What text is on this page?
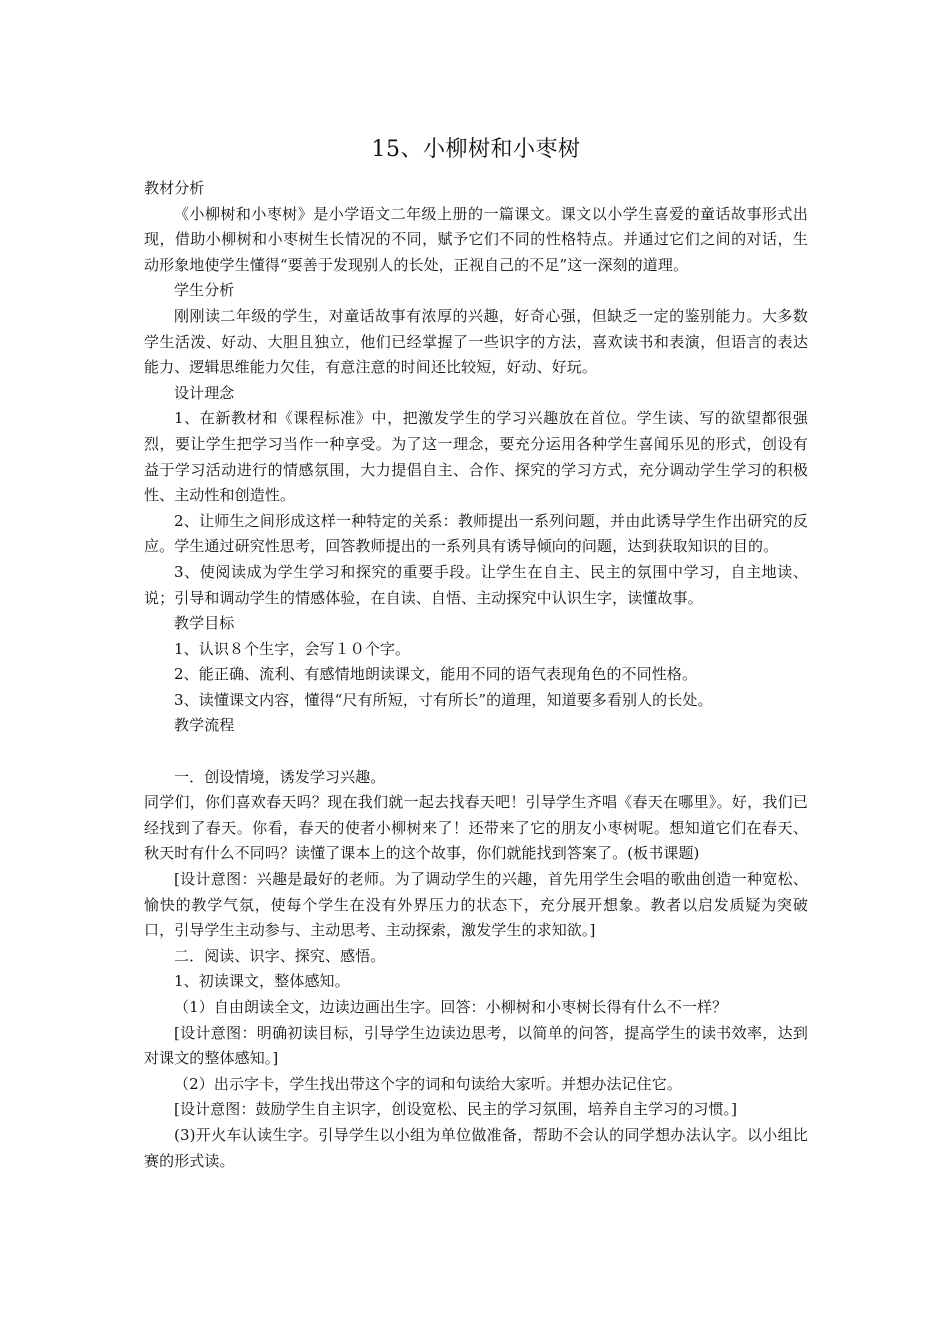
15、小柳树和小枣树

教材分析

《小柳树和小枣树》是小学语文二年级上册的一篇课文。课文以小学生喜爱的童话故事形式出现，借助小柳树和小枣树生长情况的不同，赋予它们不同的性格特点。并通过它们之间的对话，生动形象地使学生懂得“要善于发现别人的长处，正视自己的不足”这一深刻的道理。

学生分析

刚刚读二年级的学生，对童话故事有浓厚的兴趣，好奇心强，但缺乏一定的鉴别能力。大多数学生活泼、好动、大胆且独立，他们已经掌握了一些识字的方法，喜欢读书和表演，但语言的表达能力、逻辑思维能力欠佳，有意注意的时间还比较短，好动、好玩。

设计理念

1、在新教材和《课程标准》中，把激发学生的学习兴趣放在首位。学生读、写的欲望都很强烈，要让学生把学习当作一种享受。为了这一理念，要充分运用各种学生喜闻乐见的形式，创设有益于学习活动进行的情感氛围，大力提倡自主、合作、探究的学习方式，充分调动学生学习的积极性、主动性和创造性。

2、让师生之间形成这样一种特定的关系：教师提出一系列问题，并由此诱导学生作出研究的反应。学生通过研究性思考，回答教师提出的一系列具有诱导倾向的问题，达到获取知识的目的。

3、使阅读成为学生学习和探究的重要手段。让学生在自主、民主的氛围中学习，自主地读、说；引导和调动学生的情感体验，在自读、自悟、主动探究中认识生字，读懂故事。

教学目标

1、认识８个生字，会写１０个字。

2、能正确、流利、有感情地朗读课文，能用不同的语气表现角色的不同性格。

3、读懂课文内容，懂得“尺有所短，寸有所长”的道理，知道要多看别人的长处。

教学流程

一．创设情境，诱发学习兴趣。

同学们，你们喜欢春天吗？现在我们就一起去找春天吧！引导学生齐唱《春天在哪里》。好，我们已经找到了春天。你看，春天的使者小柳树来了！还带来了它的朋友小枣树呢。想知道它们在春天、秋天时有什么不同吗？读懂了课本上的这个故事，你们就能找到答案了。(板书课题)

[设计意图：兴趣是最好的老师。为了调动学生的兴趣，首先用学生会唱的歌曲创造一种宽松、愉快的教学气氛，使每个学生在没有外界压力的状态下，充分展开想象。教者以启发质疑为突破口，引导学生主动参与、主动思考、主动探索，激发学生的求知欲。]

二．阅读、识字、探究、感悟。

1、初读课文，整体感知。

（1）自由朗读全文，边读边画出生字。回答：小柳树和小枣树长得有什么不一样？

[设计意图：明确初读目标，引导学生边读边思考，以简单的问答，提高学生的读书效率，达到对课文的整体感知。]

（2）出示字卡，学生找出带这个字的词和句读给大家听。并想办法记住它。

[设计意图：鼓励学生自主识字，创设宽松、民主的学习氛围，培养自主学习的习惯。]

(3)开火车认读生字。引导学生以小组为单位做准备，帮助不会认的同学想办法认字。以小组比赛的形式读。
